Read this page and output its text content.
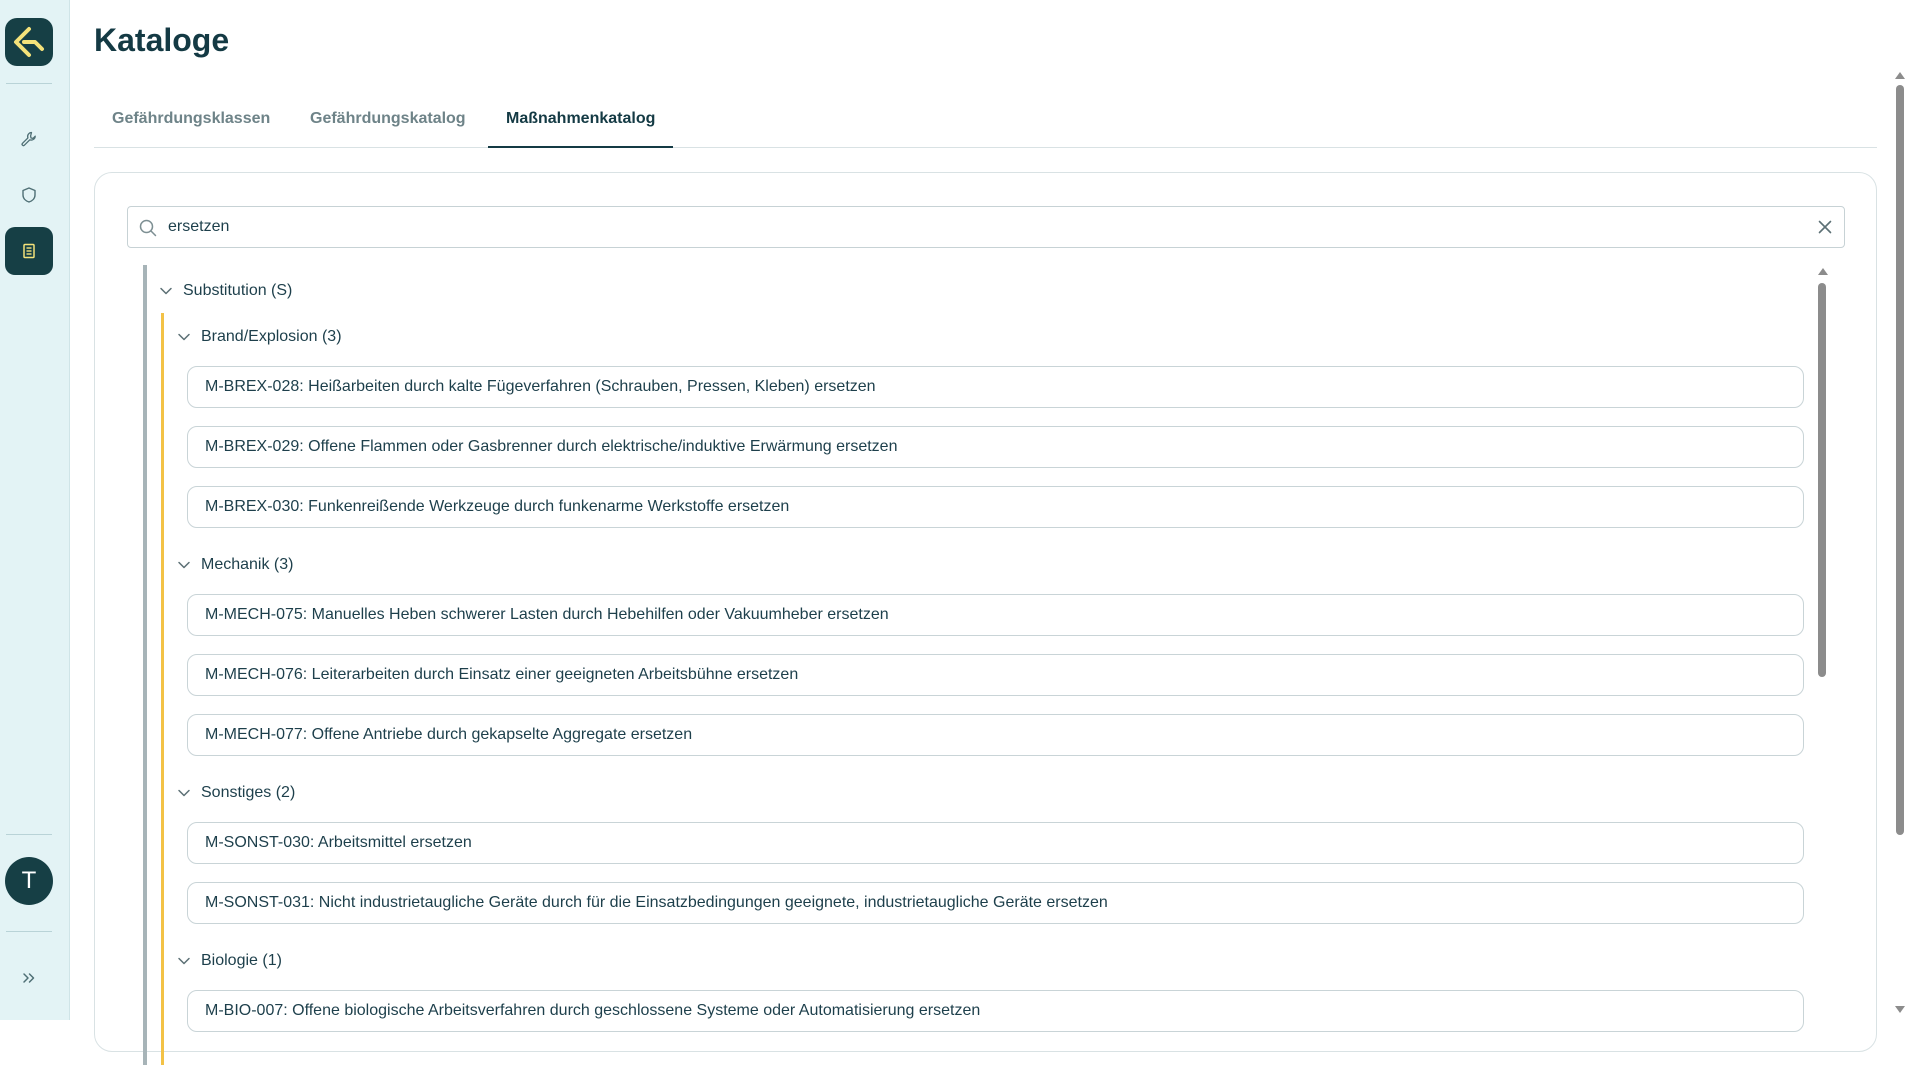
T
Kataloge
Gefährdungsklassen	Gefährdungskatalog	Maßnahmenkatalog
ersetzen
Substitution (S)
Brand/Explosion (3)
M-BREX-028: Heißarbeiten durch kalte Fügeverfahren (Schrauben, Pressen, Kleben) ersetzen
M-BREX-029: Offene Flammen oder Gasbrenner durch elektrische/induktive Erwärmung ersetzen
M-BREX-030: Funkenreißende Werkzeuge durch funkenarme Werkstoffe ersetzen
Mechanik (3)
M-MECH-075: Manuelles Heben schwerer Lasten durch Hebehilfen oder Vakuumheber ersetzen
M-MECH-076: Leiterarbeiten durch Einsatz einer geeigneten Arbeitsbühne ersetzen
M-MECH-077: Offene Antriebe durch gekapselte Aggregate ersetzen
Sonstiges (2)
M-SONST-030: Arbeitsmittel ersetzen
M-SONST-031: Nicht industrietaugliche Geräte durch für die Einsatzbedingungen geeignete, industrietaugliche Geräte ersetzen
Biologie (1)
M-BIO-007: Offene biologische Arbeitsverfahren durch geschlossene Systeme oder Automatisierung ersetzen
